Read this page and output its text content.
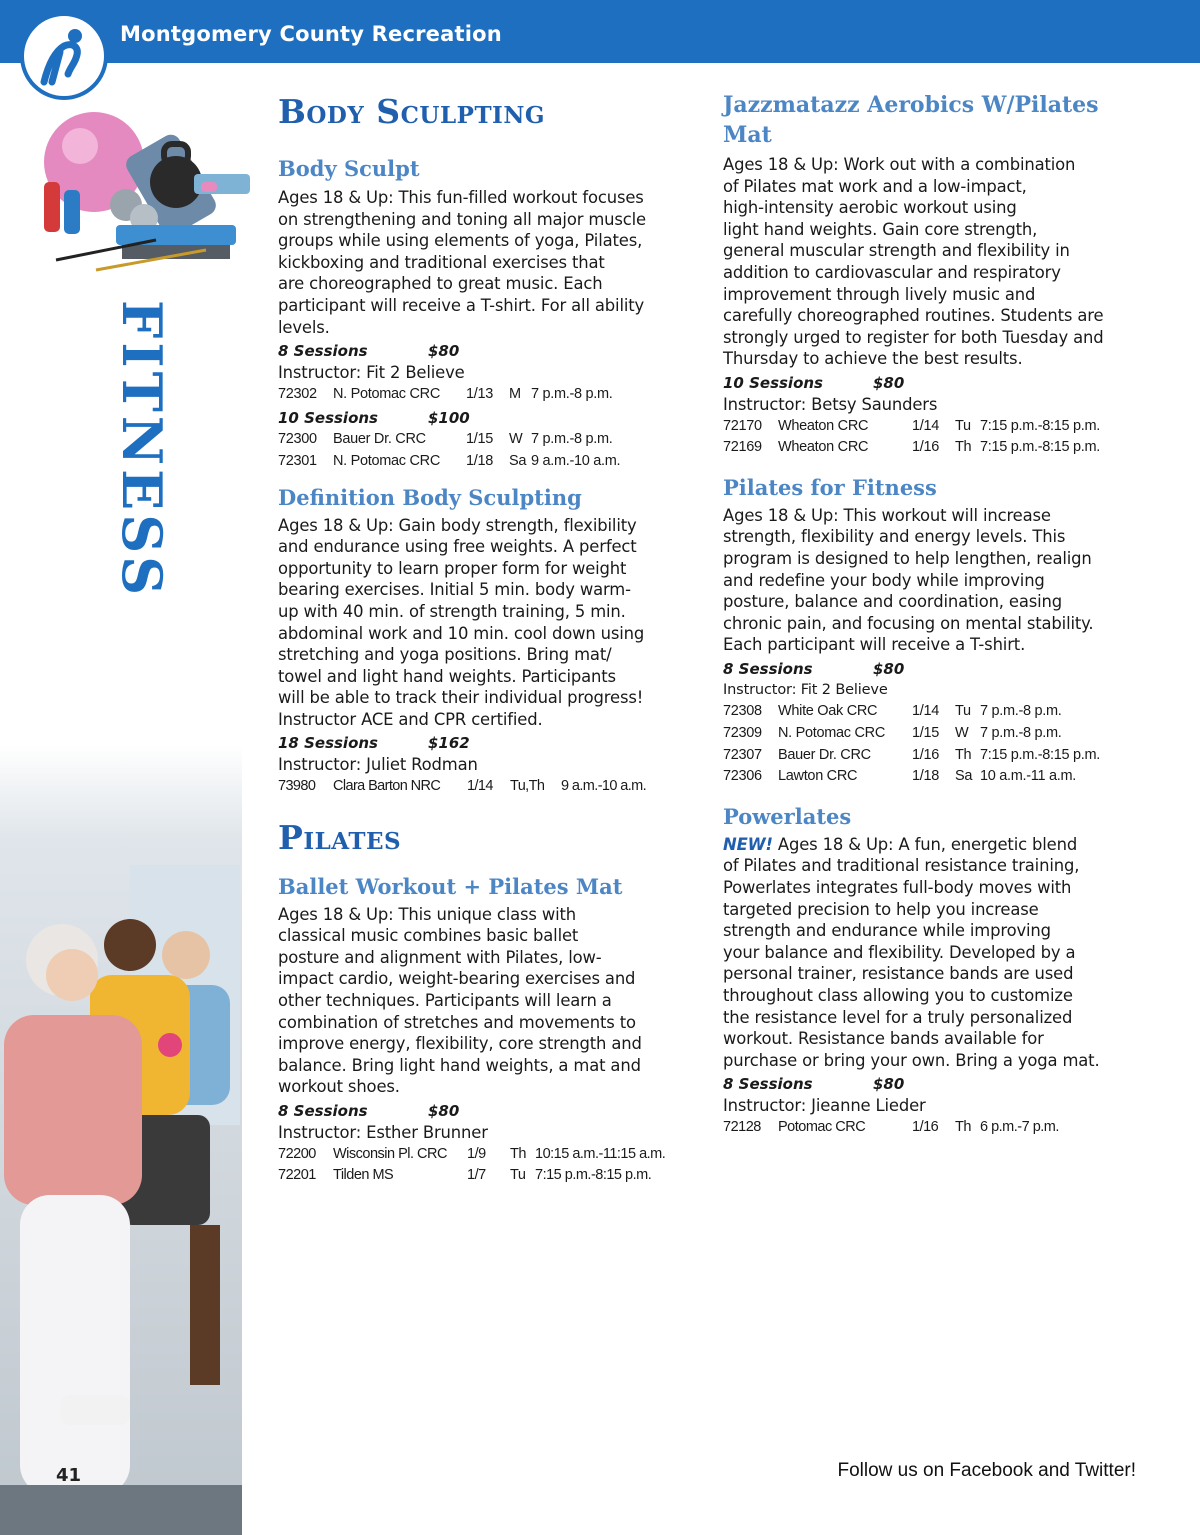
Montgomery County Recreation
FITNESS
Body Sculpting
Body Sculpt
Ages 18 & Up: This fun-filled workout focuses
on strengthening and toning all major muscle
groups while using elements of yoga, Pilates,
kickboxing and traditional exercises that
are choreographed to great music. Each
participant will receive a T-shirt. For all ability
levels.
8 Sessions	$80
Instructor: Fit 2 Believe
72302	N. Potomac CRC	1/13	M 7 p.m.-8 p.m.
10 Sessions	$100
72300	Bauer Dr. CRC	1/15	W 7 p.m.-8 p.m.
72301	N. Potomac CRC	1/18	Sa 9 a.m.-10 a.m.
Definition Body Sculpting
Ages 18 & Up: Gain body strength, flexibility
and endurance using free weights. A perfect
opportunity to learn proper form for weight
bearing exercises. Initial 5 min. body warm-
up with 40 min. of strength training, 5 min.
abdominal work and 10 min. cool down using
stretching and yoga positions. Bring mat/
towel and light hand weights. Participants
will be able to track their individual progress!
Instructor ACE and CPR certified.
18 Sessions	$162
Instructor: Juliet Rodman
73980	Clara Barton NRC	1/14	Tu,Th	9 a.m.-10 a.m.
Pilates
Ballet Workout + Pilates Mat
Ages 18 & Up: This unique class with
classical music combines basic ballet
posture and alignment with Pilates, low-
impact cardio, weight-bearing exercises and
other techniques. Participants will learn a
combination of stretches and movements to
improve energy, flexibility, core strength and
balance. Bring light hand weights, a mat and
workout shoes.
8 Sessions	$80
Instructor: Esther Brunner
72200	Wisconsin Pl. CRC	1/9	Th 10:15 a.m.-11:15 a.m.
72201	Tilden MS	1/7	Tu 7:15 p.m.-8:15 p.m.
Jazzmatazz Aerobics W/Pilates
Mat
Ages 18 & Up: Work out with a combination
of Pilates mat work and a low-impact,
high-intensity aerobic workout using
light hand weights. Gain core strength,
general muscular strength and flexibility in
addition to cardiovascular and respiratory
improvement through lively music and
carefully choreographed routines. Students are
strongly urged to register for both Tuesday and
Thursday to achieve the best results.
10 Sessions	$80
Instructor: Betsy Saunders
72170	Wheaton CRC	1/14	Tu 7:15 p.m.-8:15 p.m.
72169	Wheaton CRC	1/16	Th 7:15 p.m.-8:15 p.m.
Pilates for Fitness
Ages 18 & Up: This workout will increase
strength, flexibility and energy levels. This
program is designed to help lengthen, realign
and redefine your body while improving
posture, balance and coordination, easing
chronic pain, and focusing on mental stability.
Each participant will receive a T-shirt.
8 Sessions	$80
Instructor: Fit 2 Believe
72308	White Oak CRC	1/14	Tu 7 p.m.-8 p.m.
72309	N. Potomac CRC	1/15	W 7 p.m.-8 p.m.
72307	Bauer Dr. CRC	1/16	Th 7:15 p.m.-8:15 p.m.
72306	Lawton CRC	1/18	Sa 10 a.m.-11 a.m.
Powerlates
NEW! Ages 18 & Up: A fun, energetic blend
of Pilates and traditional resistance training,
Powerlates integrates full-body moves with
targeted precision to help you increase
strength and endurance while improving
your balance and flexibility. Developed by a
personal trainer, resistance bands are used
throughout class allowing you to customize
the resistance level for a truly personalized
workout. Resistance bands available for
purchase or bring your own. Bring a yoga mat.
8 Sessions	$80
Instructor: Jieanne Lieder
72128	Potomac CRC	1/16	Th 6 p.m.-7 p.m.
41	Follow us on Facebook and Twitter!
